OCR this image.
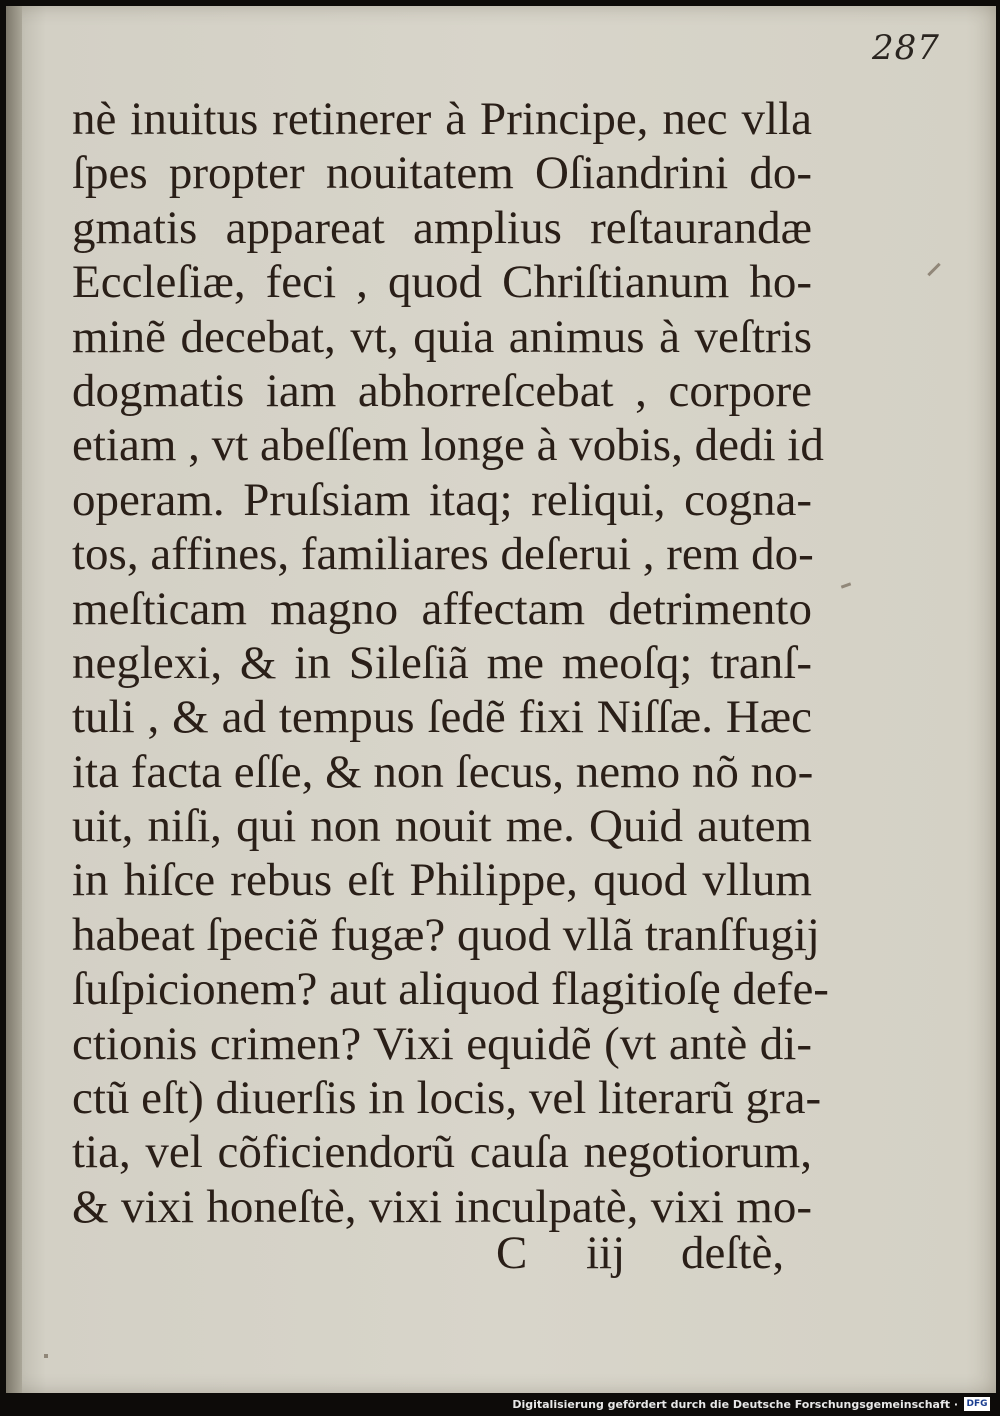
287
nè inuitus retinerer à Principe, nec vlla
ſpes propter nouitatem Oſiandrini do-
gmatis appareat amplius reſtaurandæ
Eccleſiæ, feci , quod Chriſtianum ho-
minẽ decebat, vt, quia animus à veſtris
dogmatis iam abhorreſcebat , corpore
etiam , vt abeſſem longe à vobis, dedi id
operam. Pruſsiam itaq; reliqui, cogna-
tos, affines, familiares deſerui , rem do-
meſticam magno affectam detrimento
neglexi, & in Sileſiã me meoſq; tranſ-
tuli , & ad tempus ſedẽ fixi Niſſæ. Hæc
ita facta eſſe, & non ſecus, nemo nõ no-
uit, niſi, qui non nouit me. Quid autem
in hiſce rebus eſt Philippe, quod vllum
habeat ſpeciẽ fugæ? quod vllã tranſfugij
ſuſpicionem? aut aliquod flagitioſę defe-
ctionis crimen? Vixi equidẽ (vt antè di-
ctũ eſt) diuerſis in locis, vel literarũ gra-
tia, vel cõficiendorũ cauſa negotiorum,
& vixi honeſtè, vixi inculpatè, vixi mo-
C iij deſtè,
Digitalisierung gefördert durch die Deutsche Forschungsgemeinschaft · DFG
